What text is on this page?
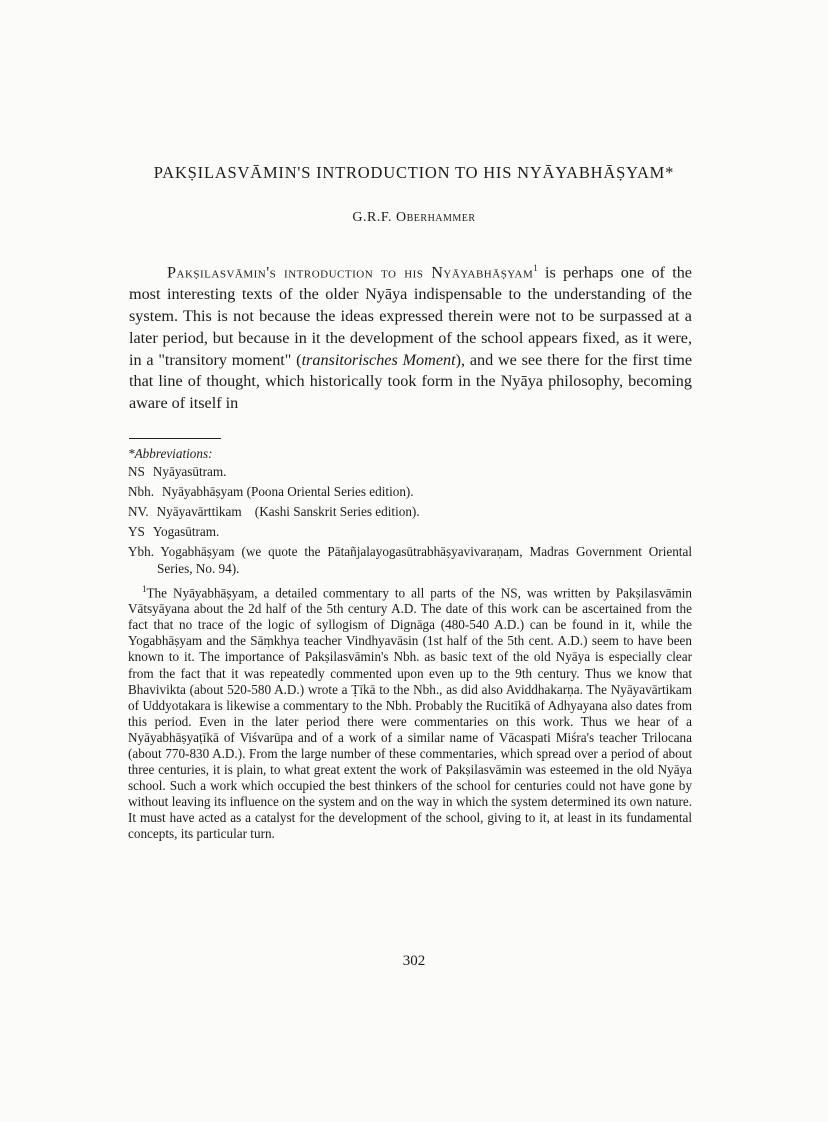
PAKṢILASVĀMIN'S INTRODUCTION TO HIS NYĀYABHĀṢYAM*
G.R.F. Oberhammer

Pakṣilasvāmin's introduction to his Nyāyabhāṣyam$^1$ is perhaps one of the most interesting texts of the older Nyāya indispensable to the understanding of the system. This is not because the ideas expressed therein were not to be surpassed at a later period, but because in it the development of the school appears fixed, as it were, in a "transitory moment" (transitorisches Moment), and we see there for the first time that line of thought, which historically took form in the Nyāya philosophy, becoming aware of itself in

*Abbreviations:
NS Nyāyasūtram.
Nbh. Nyāyabhāṣyam (Poona Oriental Series edition).
NV. Nyāyavārttikam    (Kashi Sanskrit Series edition).
YS Yogasūtram.
Ybh. Yogabhāṣyam (we quote the Pātañjalayogasūtrabhāṣyavivaraṇam, Madras Government Oriental Series, No. 94).
$^1$The Nyāyabhāṣyam, a detailed commentary to all parts of the NS, was written by Pakṣilasvāmin Vātsyāyana about the 2d half of the 5th century A.D. The date of this work can be ascertained from the fact that no trace of the logic of syllogism of Dignāga (480-540 A.D.) can be found in it, while the Yogabhāṣyam and the Sāṃkhya teacher Vindhyavāsin (1st half of the 5th cent. A.D.) seem to have been known to it. The importance of Pakṣilasvāmin's Nbh. as basic text of the old Nyāya is especially clear from the fact that it was repeatedly commented upon even up to the 9th century. Thus we know that Bhavivikta (about 520-580 A.D.) wrote a Ṭīkā to the Nbh., as did also Aviddhakarṇa. The Nyāyavārtikam of Uddyotakara is likewise a commentary to the Nbh. Probably the Rucitīkā of Adhyayana also dates from this period. Even in the later period there were commentaries on this work. Thus we hear of a Nyāyabhāṣyaṭīkā of Viśvarūpa and of a work of a similar name of Vācaspati Miśra's teacher Trilocana (about 770-830 A.D.). From the large number of these commentaries, which spread over a period of about three centuries, it is plain, to what great extent the work of Pakṣilasvāmin was esteemed in the old Nyāya school. Such a work which occupied the best thinkers of the school for centuries could not have gone by without leaving its influence on the system and on the way in which the system determined its own nature. It must have acted as a catalyst for the development of the school, giving to it, at least in its fundamental concepts, its particular turn.
302
